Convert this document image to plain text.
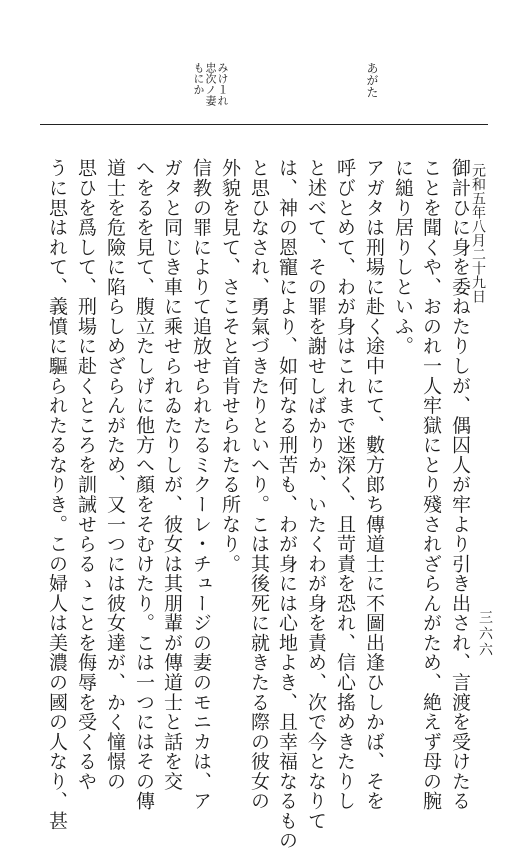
あがた
みけ１れ
忠次ノ妻
もにか
元和五年八月二十九日
三六六
御計ひに身を委ねたりしが、偶囚人が牢より引き出され、言渡を受けたる
ことを聞くや、おのれ一人牢獄にとり殘されざらんがため、絶えず母の腕
に縋り居りしといふ。
アガタは刑場に赴く途中にて、數方郎ち傳道士に不圖出逢ひしかば、そを
呼びとめて、わが身はこれまで迷深く、且苛責を恐れ、信心搖めきたりし
と述べて、その罪を謝せしばかりか、いたくわが身を責め、次で今となりて
は、神の恩寵により、如何なる刑苦も、わが身には心地よき、且幸福なるもの
と思ひなされ、勇氣づきたりといへり。こは其後死に就きたる際の彼女の
外貌を見て、さこそと首肯せられたる所なり。
信教の罪によりて追放せられたるミクーレ・チュージの妻のモニカは、ア
ガタと同じき車に乘せられゐたりしが、彼女は其朋輩が傳道士と話を交
へをるを見て、腹立たしげに他方へ顏をそむけたり。こは一つにはその傳
道士を危險に陷らしめざらんがため、又一つには彼女達が、かく憧憬の
思ひを爲して、刑場に赴くところを訓誡せらるゝことを侮辱を受くるや
うに思はれて、義憤に驅られたるなりき。この婦人は美濃の國の人なり、甚
